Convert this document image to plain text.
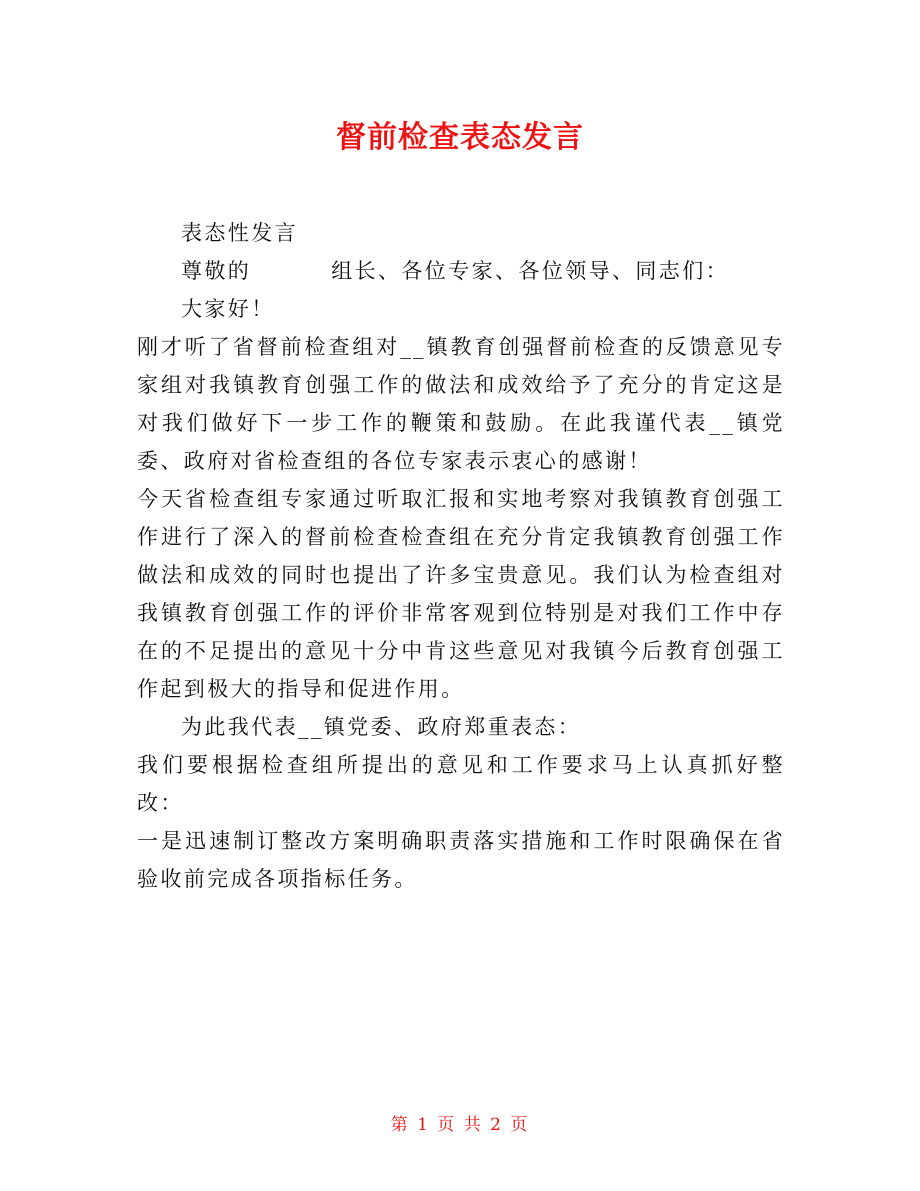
督前检查表态发言

表态性发言

尊敬的	组长、各位专家、各位领导、同志们：

大家好！

刚才听了省督前检查组对__镇教育创强督前检查的反馈意见专家组对我镇教育创强工作的做法和成效给予了充分的肯定这是对我们做好下一步工作的鞭策和鼓励。在此我谨代表__镇党委、政府对省检查组的各位专家表示衷心的感谢！

今天省检查组专家通过听取汇报和实地考察对我镇教育创强工作进行了深入的督前检查检查组在充分肯定我镇教育创强工作做法和成效的同时也提出了许多宝贵意见。我们认为检查组对我镇教育创强工作的评价非常客观到位特别是对我们工作中存在的不足提出的意见十分中肯这些意见对我镇今后教育创强工作起到极大的指导和促进作用。

为此我代表__镇党委、政府郑重表态：

我们要根据检查组所提出的意见和工作要求马上认真抓好整改：

一是迅速制订整改方案明确职责落实措施和工作时限确保在省验收前完成各项指标任务。

第 1 页 共 2 页
